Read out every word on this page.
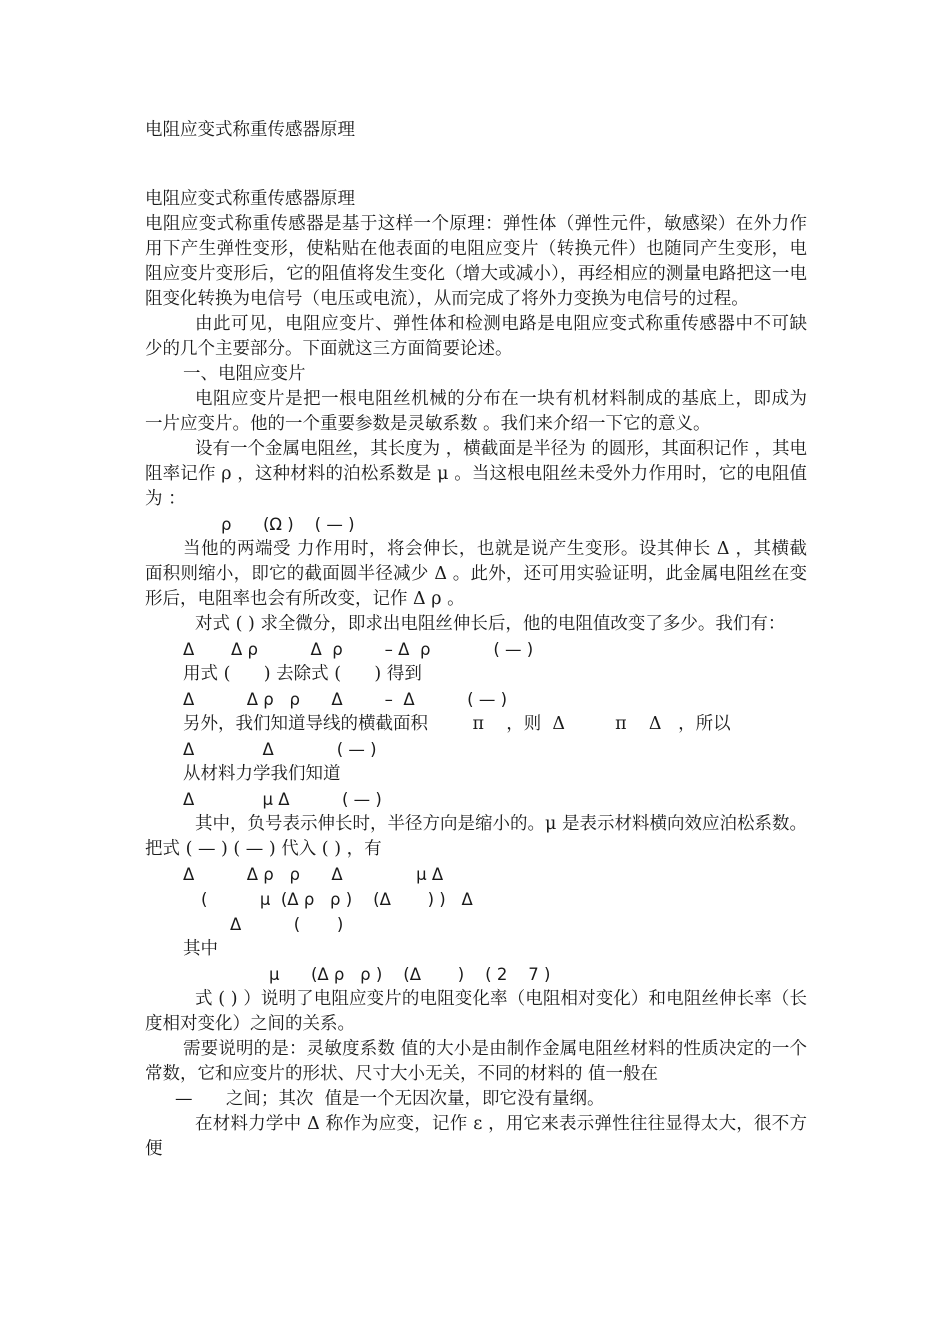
电阻应变式称重传感器原理

电阻应变式称重传感器原理

电阻应变式称重传感器是基于这样一个原理：弹性体（弹性元件，敏感梁）在外力作用下产生弹性变形，使粘贴在他表面的电阻应变片（转换元件）也随同产生变形，电阻应变片变形后，它的阻值将发生变化（增大或减小），再经相应的测量电路把这一电阻变化转换为电信号（电压或电流），从而完成了将外力变换为电信号的过程。

由此可见，电阻应变片、弹性体和检测电路是电阻应变式称重传感器中不可缺少的几个主要部分。下面就这三方面简要论述。

一、电阻应变片

电阻应变片是把一根电阻丝机械的分布在一块有机材料制成的基底上，即成为一片应变片。他的一个重要参数是灵敏系数 。我们来介绍一下它的意义。

设有一个金属电阻丝，其长度为 ，横截面是半径为 的圆形，其面积记作 ，其电阻率记作 ρ ，这种材料的泊松系数是 μ 。当这根电阻丝未受外力作用时，它的电阻值为 ：

ρ      (Ω )    ( — )

当他的两端受 力作用时，将会伸长，也就是说产生变形。设其伸长 Δ ，其横截面积则缩小，即它的截面圆半径减少 Δ 。此外，还可用实验证明，此金属电阻丝在变形后，电阻率也会有所改变，记作 Δ ρ 。

对式 ( ) 求全微分，即求出电阻丝伸长后，他的电阻值改变了多少。我们有：

Δ       Δ ρ          Δ  ρ        – Δ  ρ            ( — )

用式 (      ) 去除式 (      ) 得到

Δ          Δ ρ   ρ      Δ        –  Δ          ( — )

另外，我们知道导线的横截面积        π    ，则  Δ         π    Δ   ，所以

Δ             Δ            ( — )

从材料力学我们知道

Δ             μ Δ          ( — )

其中，负号表示伸长时，半径方向是缩小的。μ 是表示材料横向效应泊松系数。把式 ( — ) ( — ) 代入 ( ) ，有

Δ          Δ ρ   ρ      Δ              μ Δ

(          μ  (Δ ρ   ρ )    (Δ       ) )   Δ

Δ          (       )

其中

μ      (Δ ρ   ρ )    (Δ       )    ( 2    7 )

式 ( ) ）说明了电阻应变片的电阻变化率（电阻相对变化）和电阻丝伸长率（长度相对变化）之间的关系。

需要说明的是：灵敏度系数 值的大小是由制作金属电阻丝材料的性质决定的一个常数，它和应变片的形状、尺寸大小无关，不同的材料的 值一般在

—      之间；其次  值是一个无因次量，即它没有量纲。

在材料力学中 Δ 称作为应变，记作 ε ，用它来表示弹性往往显得太大，很不方便
